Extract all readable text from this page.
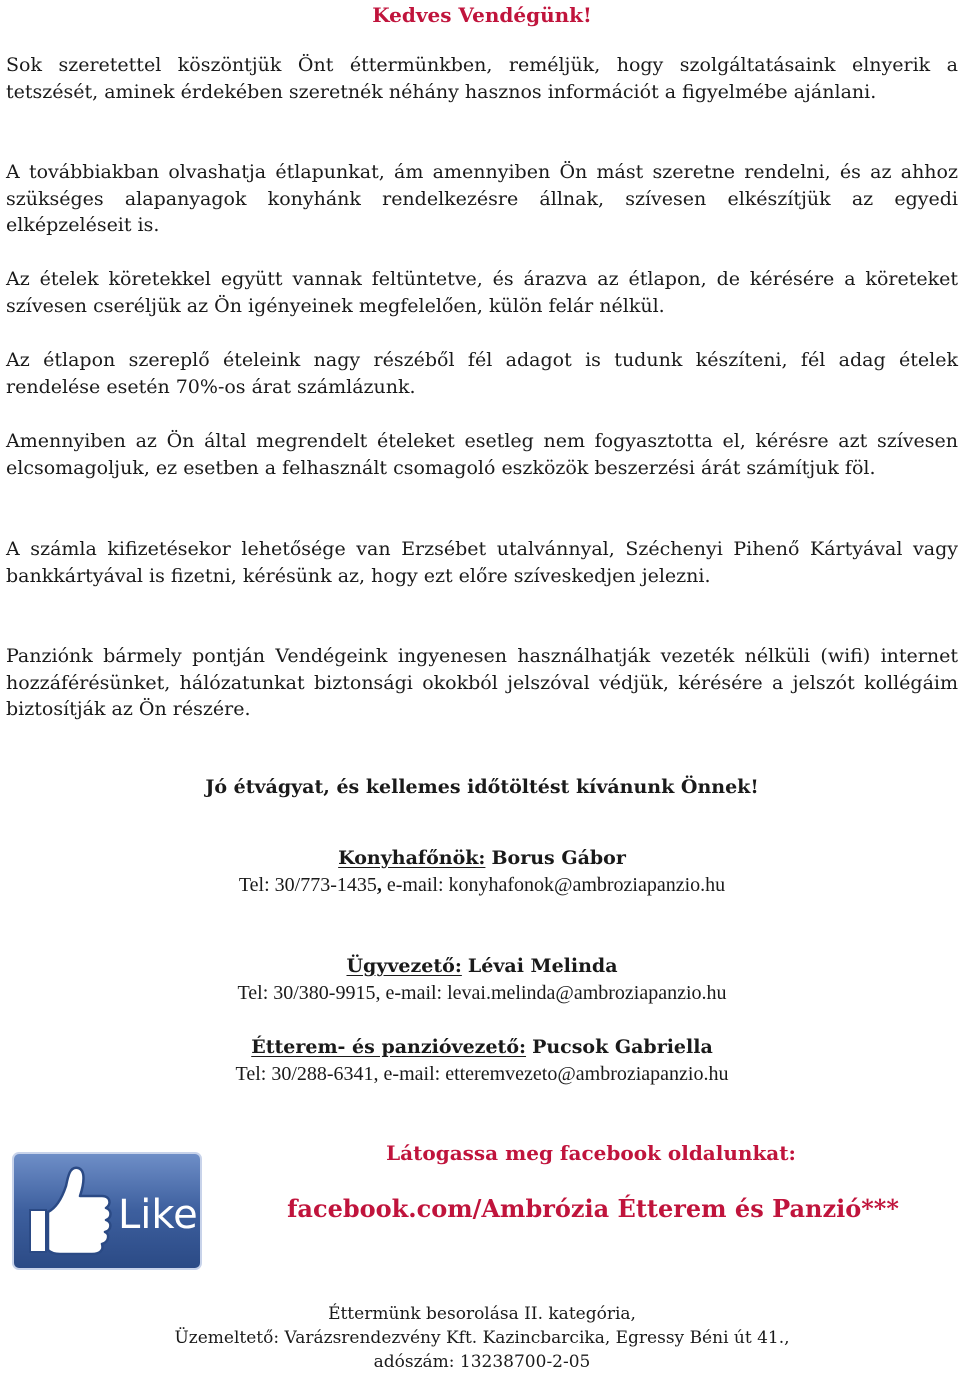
Kedves Vendégünk!

Sok szeretettel köszöntjük Önt éttermünkben, reméljük, hogy szolgáltatásaink elnyerik a tetszését, aminek érdekében szeretnék néhány hasznos információt a figyelmébe ajánlani.

A továbbiakban olvashatja étlapunkat, ám amennyiben Ön mást szeretne rendelni, és az ahhoz szükséges alapanyagok konyhánk rendelkezésre állnak, szívesen elkészítjük az egyedi elképzeléseit is.

Az ételek köretekkel együtt vannak feltüntetve, és árazva az étlapon, de kérésére a köreteket szívesen cseréljük az Ön igényeinek megfelelően, külön felár nélkül.

Az étlapon szereplő ételeink nagy részéből fél adagot is tudunk készíteni, fél adag ételek rendelése esetén 70%-os árat számlázunk.

Amennyiben az Ön által megrendelt ételeket esetleg nem fogyasztotta el, kérésre azt szívesen elcsomagoljuk, ez esetben a felhasznált csomagoló eszközök beszerzési árát számítjuk föl.

A számla kifizetésekor lehetősége van Erzsébet utalvánnyal, Széchenyi Pihenő Kártyával vagy bankkártyával is fizetni, kérésünk az, hogy ezt előre szíveskedjen jelezni.

Panziónk bármely pontján Vendégeink ingyenesen használhatják vezeték nélküli (wifi) internet hozzáférésünket, hálózatunkat biztonsági okokból jelszóval védjük, kérésére a jelszót kollégáim biztosítják az Ön részére.

Jó étvágyat, és kellemes időtöltést kívánunk Önnek!

Konyhafőnök: Borus Gábor
Tel: 30/773-1435, e-mail: konyhafonok@ambroziapanzio.hu
Ügyvezető: Lévai Melinda
Tel: 30/380-9915, e-mail: levai.melinda@ambroziapanzio.hu
Étterem- és panzióvezető: Pucsok Gabriella
Tel: 30/288-6341, e-mail: etteremvezeto@ambroziapanzio.hu
Like
Látogassa meg facebook oldalunkat:
facebook.com/Ambrózia Étterem és Panzió***
Éttermünk besorolása II. kategória,
Üzemeltető: Varázsrendezvény Kft. Kazincbarcika, Egressy Béni út 41.,
adószám: 13238700-2-05
